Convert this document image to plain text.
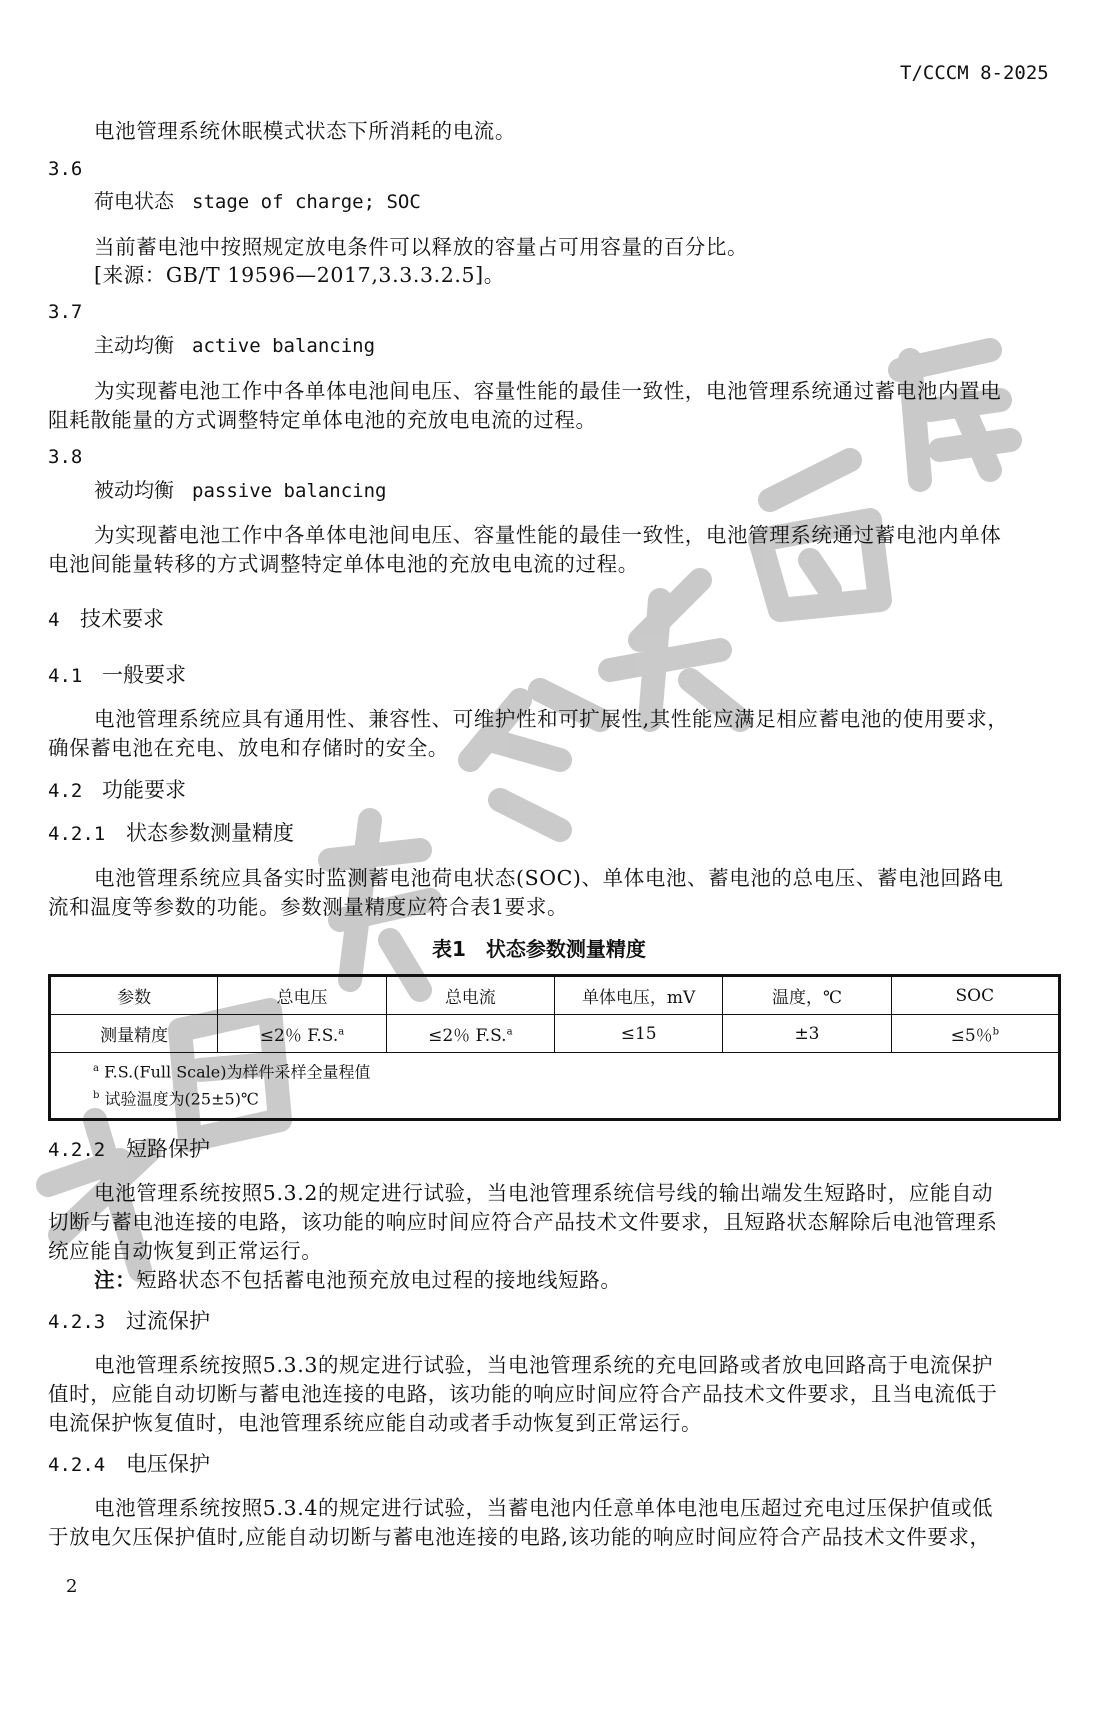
T/CCCM 8-2025
电池管理系统休眠模式状态下所消耗的电流。
3.6
荷电状态 stage of charge; SOC
当前蓄电池中按照规定放电条件可以释放的容量占可用容量的百分比。
[来源：GB/T 19596—2017,3.3.3.2.5]。
3.7
主动均衡 active balancing
为实现蓄电池工作中各单体电池间电压、容量性能的最佳一致性，电池管理系统通过蓄电池内置电
阻耗散能量的方式调整特定单体电池的充放电电流的过程。
3.8
被动均衡 passive balancing
为实现蓄电池工作中各单体电池间电压、容量性能的最佳一致性，电池管理系统通过蓄电池内单体
电池间能量转移的方式调整特定单体电池的充放电电流的过程。
4 技术要求
4.1 一般要求
电池管理系统应具有通用性、兼容性、可维护性和可扩展性,其性能应满足相应蓄电池的使用要求，
确保蓄电池在充电、放电和存储时的安全。
4.2 功能要求
4.2.1 状态参数测量精度
电池管理系统应具备实时监测蓄电池荷电状态(SOC)、单体电池、蓄电池的总电压、蓄电池回路电
流和温度等参数的功能。参数测量精度应符合表1要求。
表1　状态参数测量精度
参数	总电压	总电流	单体电压，mV	温度，℃	SOC
测量精度	≤2％ F.S.$^a$	≤2％ F.S.$^a$	≤15	±3	≤5％$^b$

$^a$ F.S.(Full Scale)为样件采样全量程值
$^b$ 试验温度为(25±5)℃					
4.2.2 短路保护
电池管理系统按照5.3.2的规定进行试验，当电池管理系统信号线的输出端发生短路时，应能自动
切断与蓄电池连接的电路，该功能的响应时间应符合产品技术文件要求，且短路状态解除后电池管理系
统应能自动恢复到正常运行。
注：短路状态不包括蓄电池预充放电过程的接地线短路。
4.2.3 过流保护
电池管理系统按照5.3.3的规定进行试验，当电池管理系统的充电回路或者放电回路高于电流保护
值时，应能自动切断与蓄电池连接的电路，该功能的响应时间应符合产品技术文件要求，且当电流低于
电流保护恢复值时，电池管理系统应能自动或者手动恢复到正常运行。
4.2.4 电压保护
电池管理系统按照5.3.4的规定进行试验，当蓄电池内任意单体电池电压超过充电过压保护值或低
于放电欠压保护值时,应能自动切断与蓄电池连接的电路,该功能的响应时间应符合产品技术文件要求，
2
